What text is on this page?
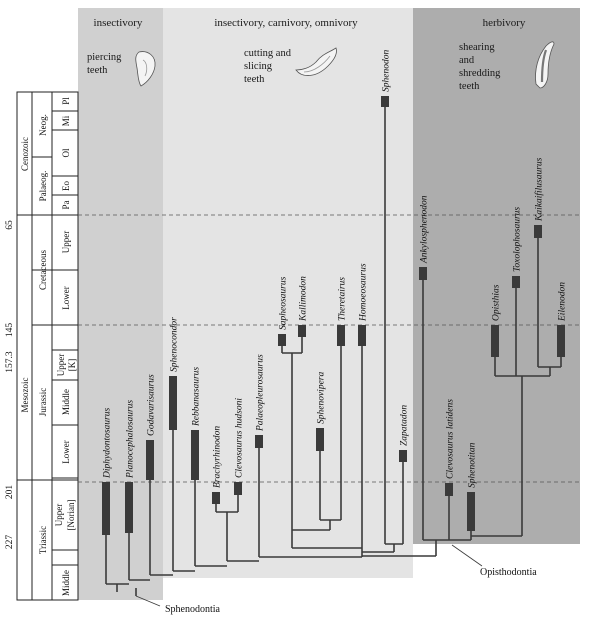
insectivory	insectivory, carnivory, omnivory	herbivory
piercing teeth
cutting and slicing teeth
shearing and shredding teeth
Cenozoic
Mesozoic
Palaeog.
Neog.
Pa
Eo
Ol
Mi
Pl
Cretaceous
Jurassic
Triassic
Upper
Lower
Upper [K]
Middle
Lower
Upper [Norian]
Middle
65
145
157.3
201
227
Diphydontosaurus Planocephalosaurus Godavarisaurus
Sphenocondor
Rebbanasaurus
Brachyrhinodon Clevosaurus hudsoni
Palaeopleurosaurus
Sapheosaurus Kallimodon
Sphenovipera
Theretairus Homoeosaurus
Sphenodon
Zapatadon
Ankylosphenodon
Clevosaurus latidens Sphenotitan
Opisthias
Toxolophosaurus
Kaikaifilusaurus
Eilenodon
Sphenodontia
Opisthodontia
知乎 @攀缘的井蛙
